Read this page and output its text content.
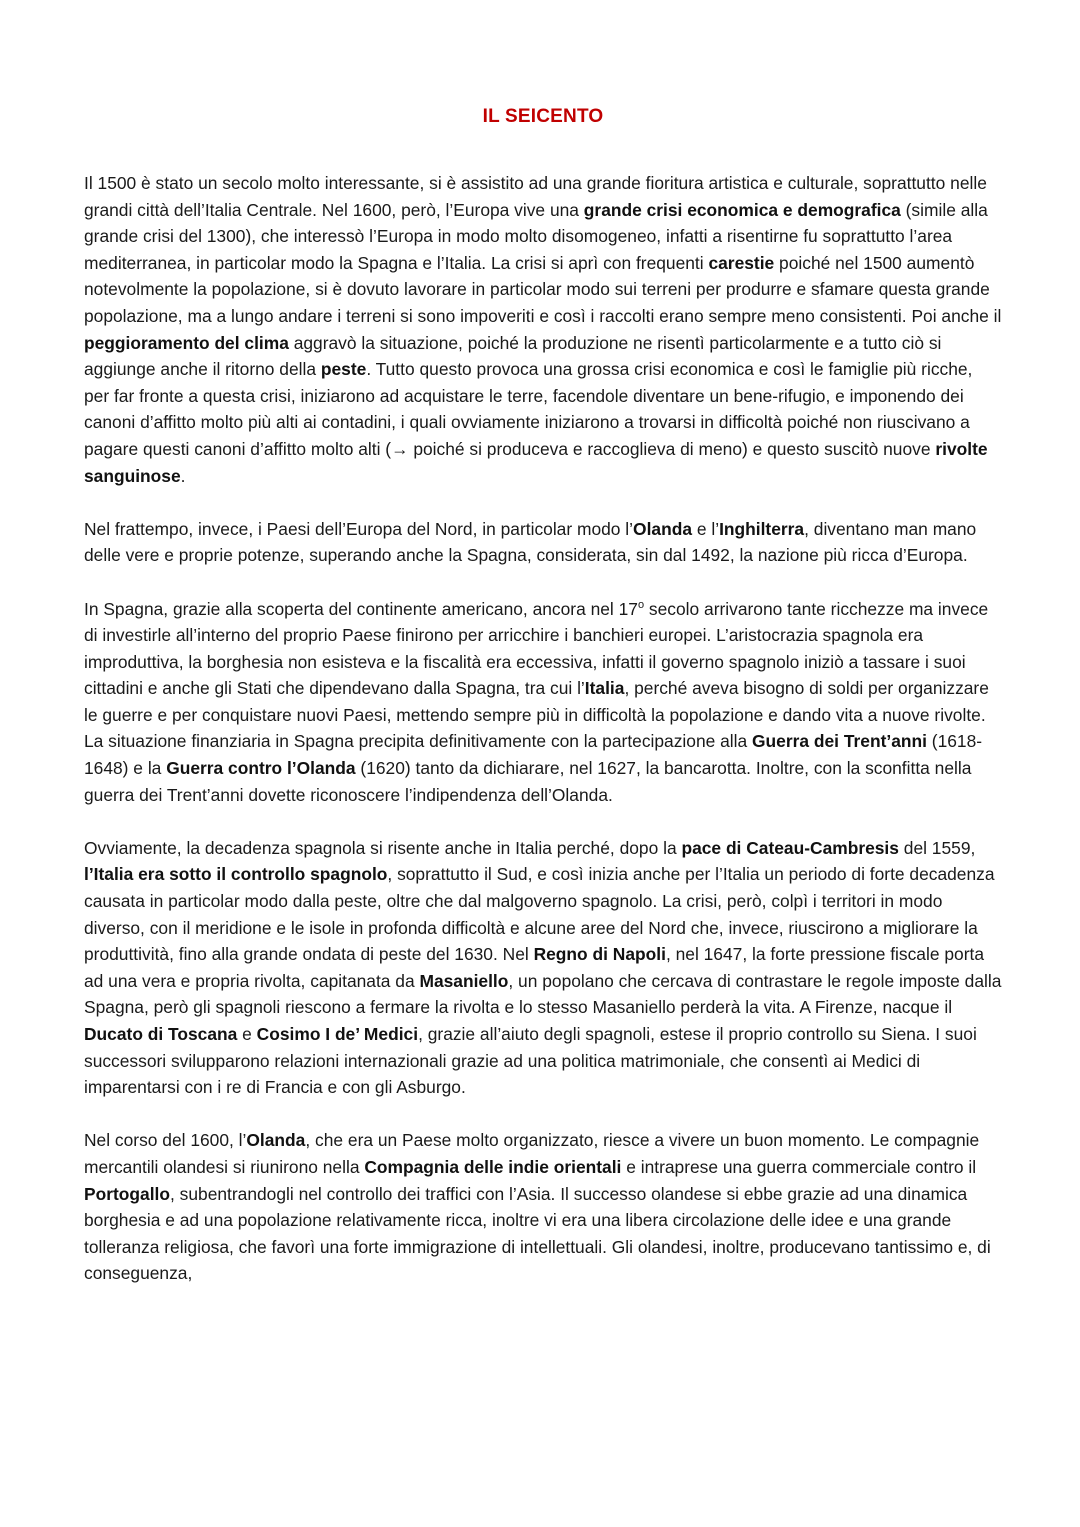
IL SEICENTO

Il 1500 è stato un secolo molto interessante, si è assistito ad una grande fioritura artistica e culturale, soprattutto nelle grandi città dell’Italia Centrale. Nel 1600, però, l’Europa vive una grande crisi economica e demografica (simile alla grande crisi del 1300), che interessò l’Europa in modo molto disomogeneo, infatti a risentirne fu soprattutto l’area mediterranea, in particolar modo la Spagna e l’Italia. La crisi si aprì con frequenti carestie poiché nel 1500 aumentò notevolmente la popolazione, si è dovuto lavorare in particolar modo sui terreni per produrre e sfamare questa grande popolazione, ma a lungo andare i terreni si sono impoveriti e così i raccolti erano sempre meno consistenti. Poi anche il peggioramento del clima aggravò la situazione, poiché la produzione ne risentì particolarmente e a tutto ciò si aggiunge anche il ritorno della peste. Tutto questo provoca una grossa crisi economica e così le famiglie più ricche, per far fronte a questa crisi, iniziarono ad acquistare le terre, facendole diventare un bene-rifugio, e imponendo dei canoni d’affitto molto più alti ai contadini, i quali ovviamente iniziarono a trovarsi in difficoltà poiché non riuscivano a pagare questi canoni d’affitto molto alti (→ poiché si produceva e raccoglieva di meno) e questo suscitò nuove rivolte sanguinose.

Nel frattempo, invece, i Paesi dell’Europa del Nord, in particolar modo l’Olanda e l’Inghilterra, diventano man mano delle vere e proprie potenze, superando anche la Spagna, considerata, sin dal 1492, la nazione più ricca d’Europa.

In Spagna, grazie alla scoperta del continente americano, ancora nel 17$^o$ secolo arrivarono tante ricchezze ma invece di investirle all’interno del proprio Paese finirono per arricchire i banchieri europei. L’aristocrazia spagnola era improduttiva, la borghesia non esisteva e la fiscalità era eccessiva, infatti il governo spagnolo iniziò a tassare i suoi cittadini e anche gli Stati che dipendevano dalla Spagna, tra cui l’Italia, perché aveva bisogno di soldi per organizzare le guerre e per conquistare nuovi Paesi, mettendo sempre più in difficoltà la popolazione e dando vita a nuove rivolte. La situazione finanziaria in Spagna precipita definitivamente con la partecipazione alla Guerra dei Trent’anni (1618-1648) e la Guerra contro l’Olanda (1620) tanto da dichiarare, nel 1627, la bancarotta. Inoltre, con la sconfitta nella guerra dei Trent’anni dovette riconoscere l’indipendenza dell’Olanda.

Ovviamente, la decadenza spagnola si risente anche in Italia perché, dopo la pace di Cateau-Cambresis del 1559, l’Italia era sotto il controllo spagnolo, soprattutto il Sud, e così inizia anche per l’Italia un periodo di forte decadenza causata in particolar modo dalla peste, oltre che dal malgoverno spagnolo. La crisi, però, colpì i territori in modo diverso, con il meridione e le isole in profonda difficoltà e alcune aree del Nord che, invece, riuscirono a migliorare la produttività, fino alla grande ondata di peste del 1630. Nel Regno di Napoli, nel 1647, la forte pressione fiscale porta ad una vera e propria rivolta, capitanata da Masaniello, un popolano che cercava di contrastare le regole imposte dalla Spagna, però gli spagnoli riescono a fermare la rivolta e lo stesso Masaniello perderà la vita. A Firenze, nacque il Ducato di Toscana e Cosimo I de’ Medici, grazie all’aiuto degli spagnoli, estese il proprio controllo su Siena. I suoi successori svilupparono relazioni internazionali grazie ad una politica matrimoniale, che consentì ai Medici di imparentarsi con i re di Francia e con gli Asburgo.

Nel corso del 1600, l’Olanda, che era un Paese molto organizzato, riesce a vivere un buon momento. Le compagnie mercantili olandesi si riunirono nella Compagnia delle indie orientali e intraprese una guerra commerciale contro il Portogallo, subentrandogli nel controllo dei traffici con l’Asia. Il successo olandese si ebbe grazie ad una dinamica borghesia e ad una popolazione relativamente ricca, inoltre vi era una libera circolazione delle idee e una grande tolleranza religiosa, che favorì una forte immigrazione di intellettuali. Gli olandesi, inoltre, producevano tantissimo e, di conseguenza,
